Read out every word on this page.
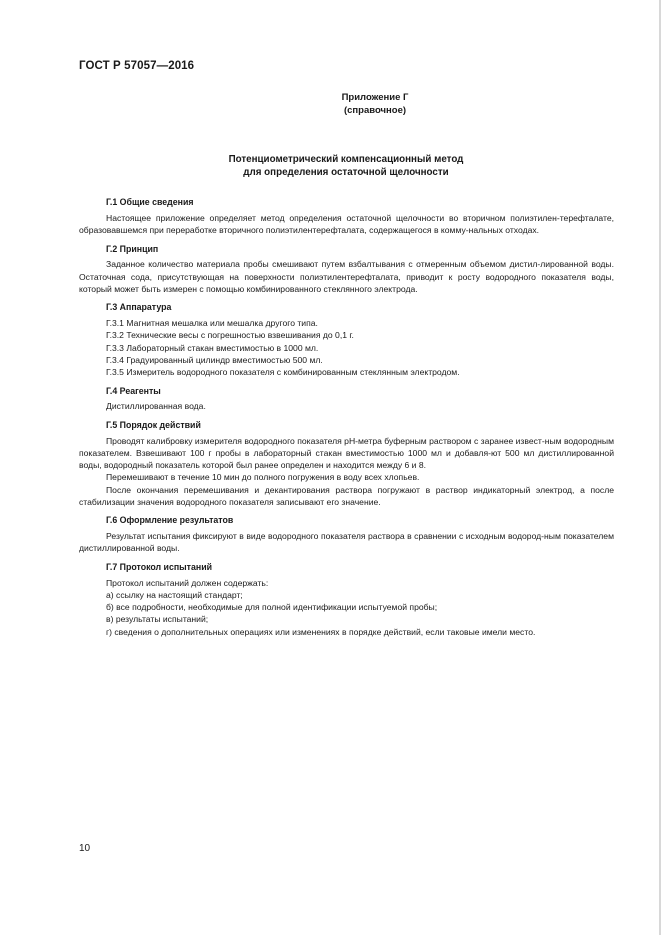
ГОСТ Р 57057—2016
Приложение Г
(справочное)
Потенциометрический компенсационный метод
для определения остаточной щелочности
Г.1 Общие сведения

Настоящее приложение определяет метод определения остаточной щелочности во вторичном полиэтилен-терефталате, образовавшемся при переработке вторичного полиэтилентерефталата, содержащегося в комму-нальных отходах.

Г.2 Принцип

Заданное количество материала пробы смешивают путем взбалтывания с отмеренным объемом дистил-лированной воды. Остаточная сода, присутствующая на поверхности полиэтилентерефталата, приводит к росту водородного показателя воды, который может быть измерен с помощью комбинированного стеклянного электрода.

Г.3 Аппаратура
Г.3.1 Магнитная мешалка или мешалка другого типа.
Г.3.2 Технические весы с погрешностью взвешивания до 0,1 г.
Г.3.3 Лабораторный стакан вместимостью в 1000 мл.
Г.3.4 Градуированный цилиндр вместимостью 500 мл.
Г.3.5 Измеритель водородного показателя с комбинированным стеклянным электродом.
Г.4 Реагенты

Дистиллированная вода.

Г.5 Порядок действий

Проводят калибровку измерителя водородного показателя pH-метра буферным раствором с заранее извест-ным водородным показателем. Взвешивают 100 г пробы в лабораторный стакан вместимостью 1000 мл и добавля-ют 500 мл дистиллированной воды, водородный показатель которой был ранее определен и находится между 6 и 8.

Перемешивают в течение 10 мин до полного погружения в воду всех хлопьев.

После окончания перемешивания и декантирования раствора погружают в раствор индикаторный электрод, а после стабилизации значения водородного показателя записывают его значение.

Г.6 Оформление результатов

Результат испытания фиксируют в виде водородного показателя раствора в сравнении с исходным водород-ным показателем дистиллированной воды.

Г.7 Протокол испытаний
Протокол испытаний должен содержать:
а) ссылку на настоящий стандарт;
б) все подробности, необходимые для полной идентификации испытуемой пробы;
в) результаты испытаний;
г) сведения о дополнительных операциях или изменениях в порядке действий, если таковые имели место.
10
